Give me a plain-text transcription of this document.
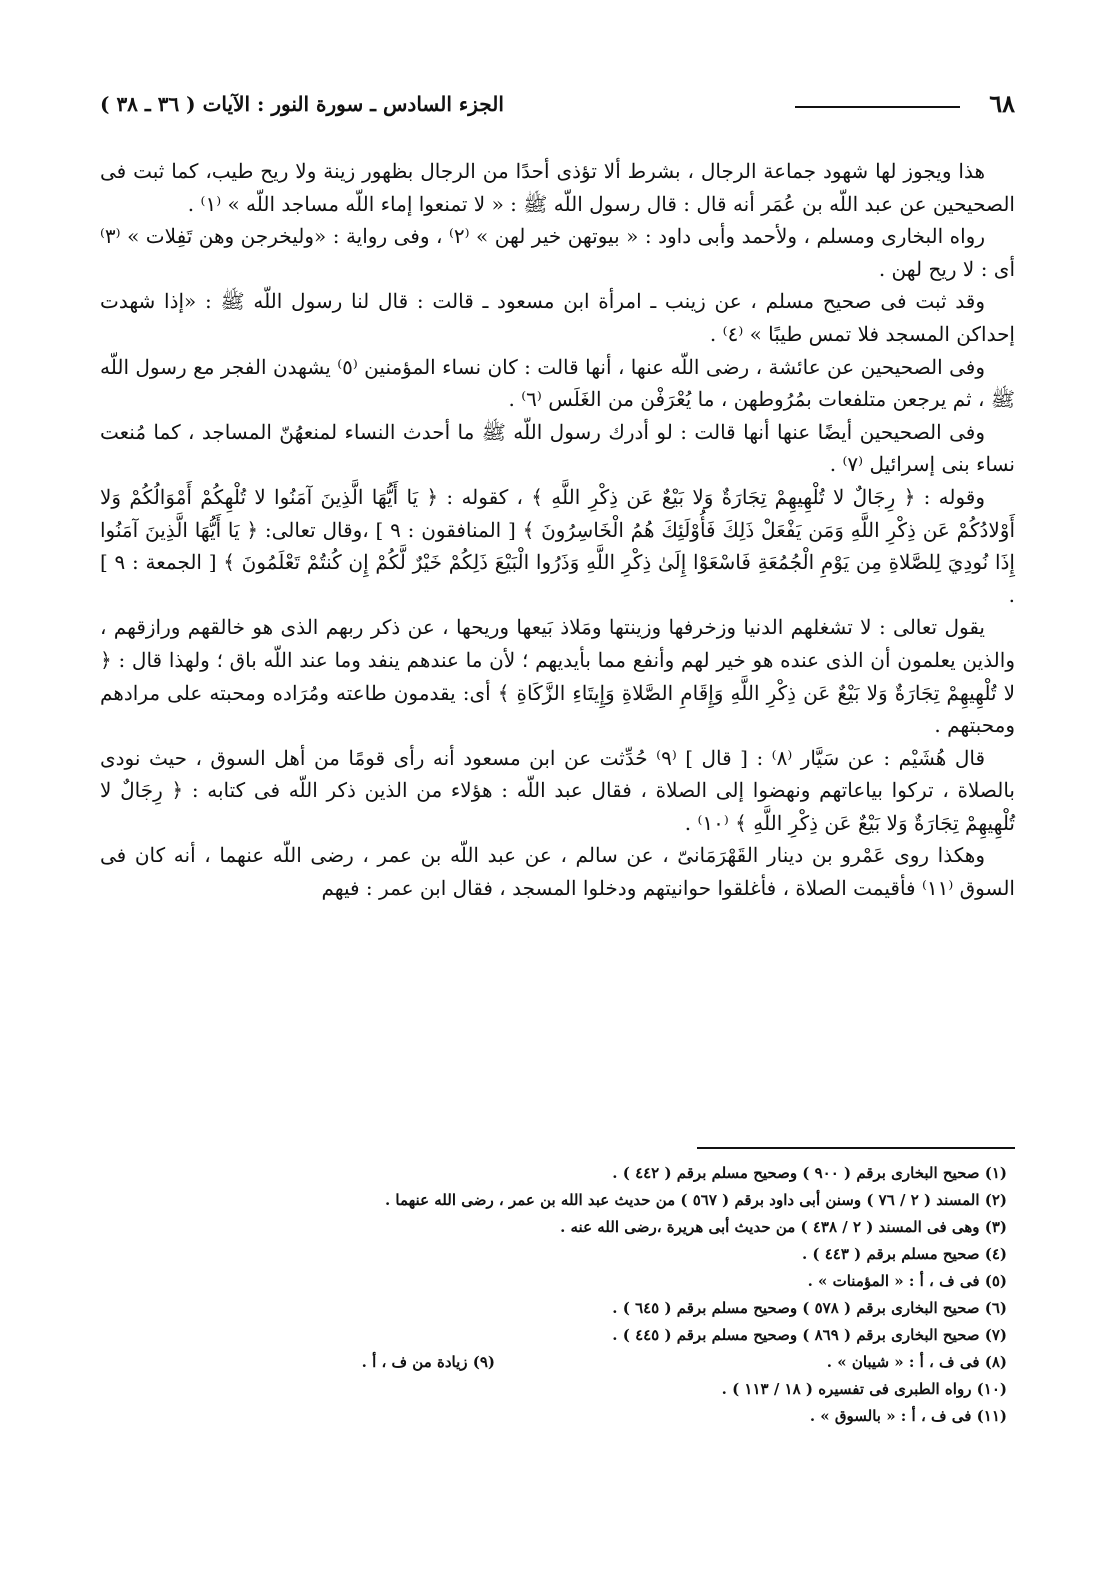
٦٨
الجزء السادس ـ سورة النور : الآيات ( ٣٦ ـ ٣٨ )

هذا ويجوز لها شهود جماعة الرجال ، بشرط ألا تؤذى أحدًا من الرجال بظهور زينة ولا ريح طيب، كما ثبت فى الصحيحين عن عبد اللّه بن عُمَر أنه قال : قال رسول اللّه ﷺ : « لا تمنعوا إماء اللّه مساجد اللّه » ⁽١⁾ .

رواه البخارى ومسلم ، ولأحمد وأبى داود : « بيوتهن خير لهن » ⁽٢⁾ ، وفى رواية : «وليخرجن وهن تَفِلات » ⁽٣⁾ أى : لا ريح لهن .

وقد ثبت فى صحيح مسلم ، عن زينب ـ امرأة ابن مسعود ـ قالت : قال لنا رسول اللّه ﷺ : «إذا شهدت إحداكن المسجد فلا تمس طيبًا » ⁽٤⁾ .

وفى الصحيحين عن عائشة ، رضى اللّه عنها ، أنها قالت : كان نساء المؤمنين ⁽٥⁾ يشهدن الفجر مع رسول اللّه ﷺ ، ثم يرجعن متلفعات بمُرُوطهن ، ما يُعْرَفْن من الغَلَس ⁽٦⁾ .

وفى الصحيحين أيضًا عنها أنها قالت : لو أدرك رسول اللّه ﷺ ما أحدث النساء لمنعهُنّ المساجد ، كما مُنعت نساء بنى إسرائيل ⁽٧⁾ .

وقوله : ﴿ رِجَالٌ لا تُلْهِيهِمْ تِجَارَةٌ وَلا بَيْعٌ عَن ذِكْرِ اللَّهِ ﴾ ، كقوله : ﴿ يَا أَيُّهَا الَّذِينَ آمَنُوا لا تُلْهِكُمْ أَمْوَالُكُمْ وَلا أَوْلادُكُمْ عَن ذِكْرِ اللَّهِ وَمَن يَفْعَلْ ذَلِكَ فَأُوْلَئِكَ هُمُ الْخَاسِرُونَ ﴾ [ المنافقون : ٩ ] ،وقال تعالى: ﴿ يَا أَيُّهَا الَّذِينَ آمَنُوا إِذَا نُودِيَ لِلصَّلاةِ مِن يَوْمِ الْجُمُعَةِ فَاسْعَوْا إِلَىٰ ذِكْرِ اللَّهِ وَذَرُوا الْبَيْعَ ذَلِكُمْ خَيْرٌ لَّكُمْ إِن كُنتُمْ تَعْلَمُونَ ﴾ [ الجمعة : ٩ ] .

يقول تعالى : لا تشغلهم الدنيا وزخرفها وزينتها ومَلاذ بَيعها وريحها ، عن ذكر ربهم الذى هو خالقهم ورازقهم ، والذين يعلمون أن الذى عنده هو خير لهم وأنفع مما بأيديهم ؛ لأن ما عندهم ينفد وما عند اللّه باق ؛ ولهذا قال : ﴿ لا تُلْهِيهِمْ تِجَارَةٌ وَلا بَيْعٌ عَن ذِكْرِ اللَّهِ وَإِقَامِ الصَّلاةِ وَإِيتَاءِ الزَّكَاةِ ﴾ أى: يقدمون طاعته ومُرَاده ومحبته على مرادهم ومحبتهم .

قال هُشَيْم : عن سَيَّار ⁽٨⁾ : [ قال ] ⁽٩⁾ حُدِّثت عن ابن مسعود أنه رأى قومًا من أهل السوق ، حيث نودى بالصلاة ، تركوا بياعاتهم ونهضوا إلى الصلاة ، فقال عبد اللّه : هؤلاء من الذين ذكر اللّه فى كتابه : ﴿ رِجَالٌ لا تُلْهِيهِمْ تِجَارَةٌ وَلا بَيْعٌ عَن ذِكْرِ اللَّهِ ﴾ ⁽١٠⁾ .

وهكذا روى عَمْرو بن دينار القَهْرَمَانىّ ، عن سالم ، عن عبد اللّه بن عمر ، رضى اللّه عنهما ، أنه كان فى السوق ⁽١١⁾ فأقيمت الصلاة ، فأغلقوا حوانيتهم ودخلوا المسجد ، فقال ابن عمر : فيهم

(١) صحيح البخارى برقم ( ٩٠٠ ) وصحيح مسلم برقم ( ٤٤٢ ) .

(٢) المسند ( ٢ / ٧٦ ) وسنن أبى داود برقم ( ٥٦٧ ) من حديث عبد الله بن عمر ، رضى الله عنهما .

(٣) وهى فى المسند ( ٢ / ٤٣٨ ) من حديث أبى هريرة ،رضى الله عنه .

(٤) صحيح مسلم برقم ( ٤٤٣ ) .

(٥) فى ف ، أ : « المؤمنات » .

(٦) صحيح البخارى برقم ( ٥٧٨ ) وصحيح مسلم برقم ( ٦٤٥ ) .

(٧) صحيح البخارى برقم ( ٨٦٩ ) وصحيح مسلم برقم ( ٤٤٥ ) .

(٨) فى ف ، أ : « شيبان » .
(٩) زيادة من ف ، أ .

(١٠) رواه الطبرى فى تفسيره ( ١٨ / ١١٣ ) .

(١١) فى ف ، أ : « بالسوق » .
